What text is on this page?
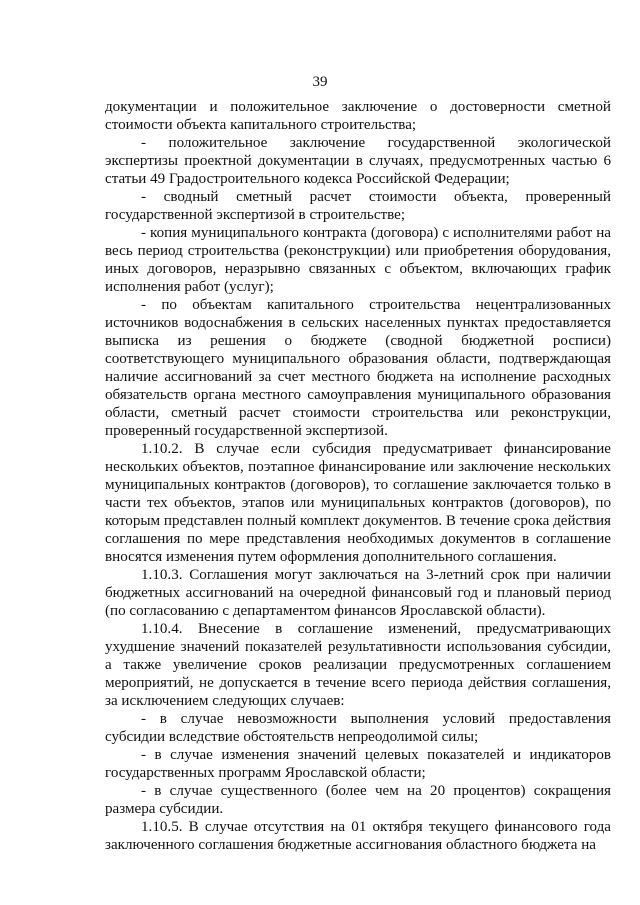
39

документации и положительное заключение о достоверности сметной стоимости объекта капитального строительства;

- положительное заключение государственной экологической экспертизы проектной документации в случаях, предусмотренных частью 6 статьи 49 Градостроительного кодекса Российской Федерации;

- сводный сметный расчет стоимости объекта, проверенный государственной экспертизой в строительстве;

- копия муниципального контракта (договора) с исполнителями работ на весь период строительства (реконструкции) или приобретения оборудования, иных договоров, неразрывно связанных с объектом, включающих график исполнения работ (услуг);

- по объектам капитального строительства нецентрализованных источников водоснабжения в сельских населенных пунктах предоставляется выписка из решения о бюджете (сводной бюджетной росписи) соответствующего муниципального образования области, подтверждающая наличие ассигнований за счет местного бюджета на исполнение расходных обязательств органа местного самоуправления муниципального образования области, сметный расчет стоимости строительства или реконструкции, проверенный государственной экспертизой.

1.10.2. В случае если субсидия предусматривает финансирование нескольких объектов, поэтапное финансирование или заключение нескольких муниципальных контрактов (договоров), то соглашение заключается только в части тех объектов, этапов или муниципальных контрактов (договоров), по которым представлен полный комплект документов. В течение срока действия соглашения по мере представления необходимых документов в соглашение вносятся изменения путем оформления дополнительного соглашения.

1.10.3. Соглашения могут заключаться на 3-летний срок при наличии бюджетных ассигнований на очередной финансовый год и плановый период (по согласованию с департаментом финансов Ярославской области).

1.10.4. Внесение в соглашение изменений, предусматривающих ухудшение значений показателей результативности использования субсидии, а также увеличение сроков реализации предусмотренных соглашением мероприятий, не допускается в течение всего периода действия соглашения, за исключением следующих случаев:

- в случае невозможности выполнения условий предоставления субсидии вследствие обстоятельств непреодолимой силы;

- в случае изменения значений целевых показателей и индикаторов государственных программ Ярославской области;

- в случае существенного (более чем на 20 процентов) сокращения размера субсидии.

1.10.5. В случае отсутствия на 01 октября текущего финансового года заключенного соглашения бюджетные ассигнования областного бюджета на
